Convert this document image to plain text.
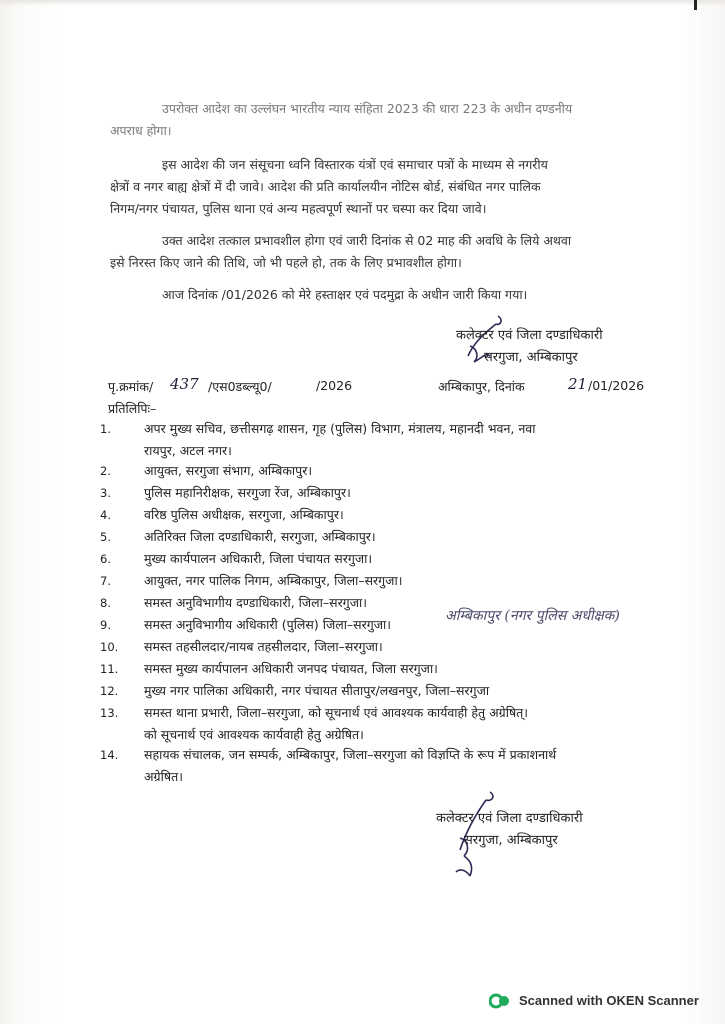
उपरोक्त आदेश का उल्लंघन भारतीय न्याय संहिता 2023 की धारा 223 के अधीन दण्डनीय
अपराध होगा।
इस आदेश की जन संसूचना ध्वनि विस्तारक यंत्रों एवं समाचार पत्रों के माध्यम से नगरीय
क्षेत्रों व नगर बाह्य क्षेत्रों में दी जावे। आदेश की प्रति कार्यालयीन नोटिस बोर्ड, संबंधित नगर पालिक
निगम/नगर पंचायत, पुलिस थाना एवं अन्य महत्वपूर्ण स्थानों पर चस्पा कर दिया जावे।
उक्त आदेश तत्काल प्रभावशील होगा एवं जारी दिनांक से 02 माह की अवधि के लिये अथवा
इसे निरस्त किए जाने की तिथि, जो भी पहले हो, तक के लिए प्रभावशील होगा।
आज दिनांक /01/2026 को मेरे हस्ताक्षर एवं पदमुद्रा के अधीन जारी किया गया।
कलेक्टर एवं जिला दण्डाधिकारी
सरगुजा, अम्बिकापुर
पृ.क्रमांक/ 437 /एस0डब्ल्यू0/	/2026	अम्बिकापुर, दिनांक	21 /01/2026
प्रतिलिपिः–
1.	अपर मुख्य सचिव, छत्तीसगढ़ शासन, गृह (पुलिस) विभाग, मंत्रालय, महानदी भवन, नवा
रायपुर, अटल नगर।
2.	आयुक्त, सरगुजा संभाग, अम्बिकापुर।
3.	पुलिस महानिरीक्षक, सरगुजा रेंज, अम्बिकापुर।
4.	वरिष्ठ पुलिस अधीक्षक, सरगुजा, अम्बिकापुर।
5.	अतिरिक्त जिला दण्डाधिकारी, सरगुजा, अम्बिकापुर।
6.	मुख्य कार्यपालन अधिकारी, जिला पंचायत सरगुजा।
7.	आयुक्त, नगर पालिक निगम, अम्बिकापुर, जिला–सरगुजा।
8.	समस्त अनुविभागीय दण्डाधिकारी, जिला–सरगुजा।
9.	समस्त अनुविभागीय अधिकारी (पुलिस) जिला–सरगुजा।
10.	समस्त तहसीलदार/नायब तहसीलदार, जिला–सरगुजा।
11.	समस्त मुख्य कार्यपालन अधिकारी जनपद पंचायत, जिला सरगुजा।
12.	मुख्य नगर पालिका अधिकारी, नगर पंचायत सीतापुर/लखनपुर, जिला–सरगुजा
13.	समस्त थाना प्रभारी, जिला–सरगुजा, को सूचनार्थ एवं आवश्यक कार्यवाही हेतु अग्रेषित्।
को सूचनार्थ एवं आवश्यक कार्यवाही हेतु अग्रेषित।
14.	सहायक संचालक, जन सम्पर्क, अम्बिकापुर, जिला–सरगुजा को विज्ञप्ति के रूप में प्रकाशनार्थ
अग्रेषित।
अम्बिकापुर (नगर पुलिस अधीक्षक)
कलेक्टर एवं जिला दण्डाधिकारी
सरगुजा, अम्बिकापुर
Scanned with OKEN Scanner
